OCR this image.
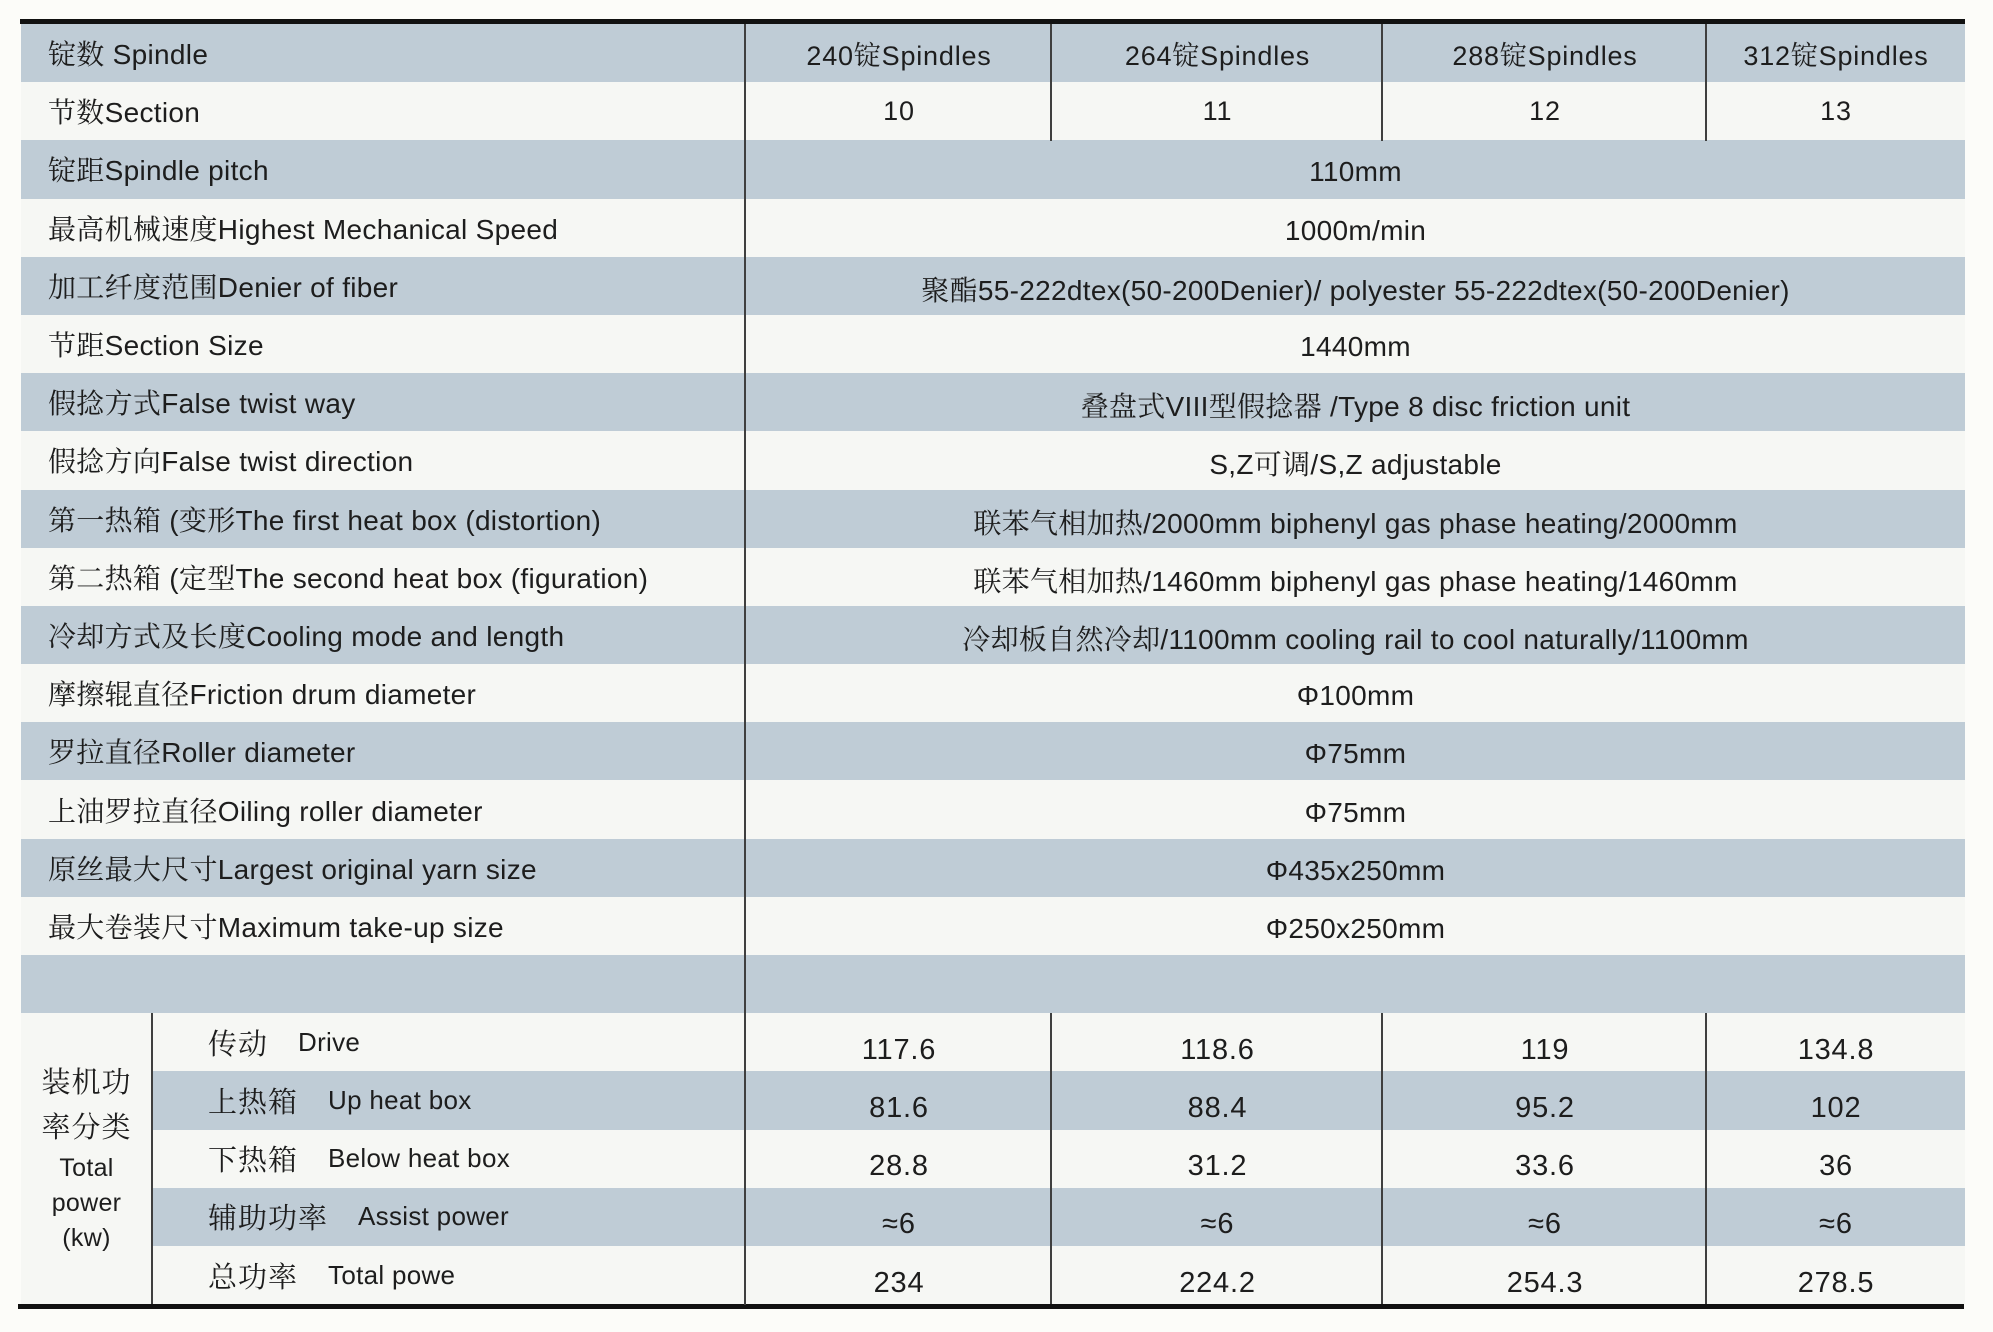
锭数 Spindle	240锭Spindles	264锭Spindles	288锭Spindles	312锭Spindles
节数Section	10	11	12	13
锭距Spindle pitch	110mm
最高机械速度Highest Mechanical Speed	1000m/min
加工纤度范围Denier of fiber	聚酯55-222dtex(50-200Denier)/ polyester 55-222dtex(50-200Denier)
节距Section Size	1440mm
假捻方式False twist way	叠盘式VIII型假捻器 /Type 8 disc friction unit
假捻方向False twist direction	S,Z可调/S,Z adjustable
第一热箱 (变形The first heat box (distortion)	联苯气相加热/2000mm biphenyl gas phase heating/2000mm
第二热箱 (定型The second heat box (figuration)	联苯气相加热/1460mm biphenyl gas phase heating/1460mm
冷却方式及长度Cooling mode and length	冷却板自然冷却/1100mm cooling rail to cool naturally/1100mm
摩擦辊直径Friction drum diameter	Φ100mm
罗拉直径Roller diameter	Φ75mm
上油罗拉直径Oiling roller diameter	Φ75mm
原丝最大尺寸Largest original yarn size	Φ435x250mm
最大卷装尺寸Maximum take-up size	Φ250x250mm
装机功
率分类
Total
power
(kw)
传动 Drive	117.6	118.6	119	134.8
上热箱 Up heat box	81.6	88.4	95.2	102
下热箱 Below heat box	28.8	31.2	33.6	36
辅助功率 Assist power	≈6	≈6	≈6	≈6
总功率 Total powe	234	224.2	254.3	278.5
